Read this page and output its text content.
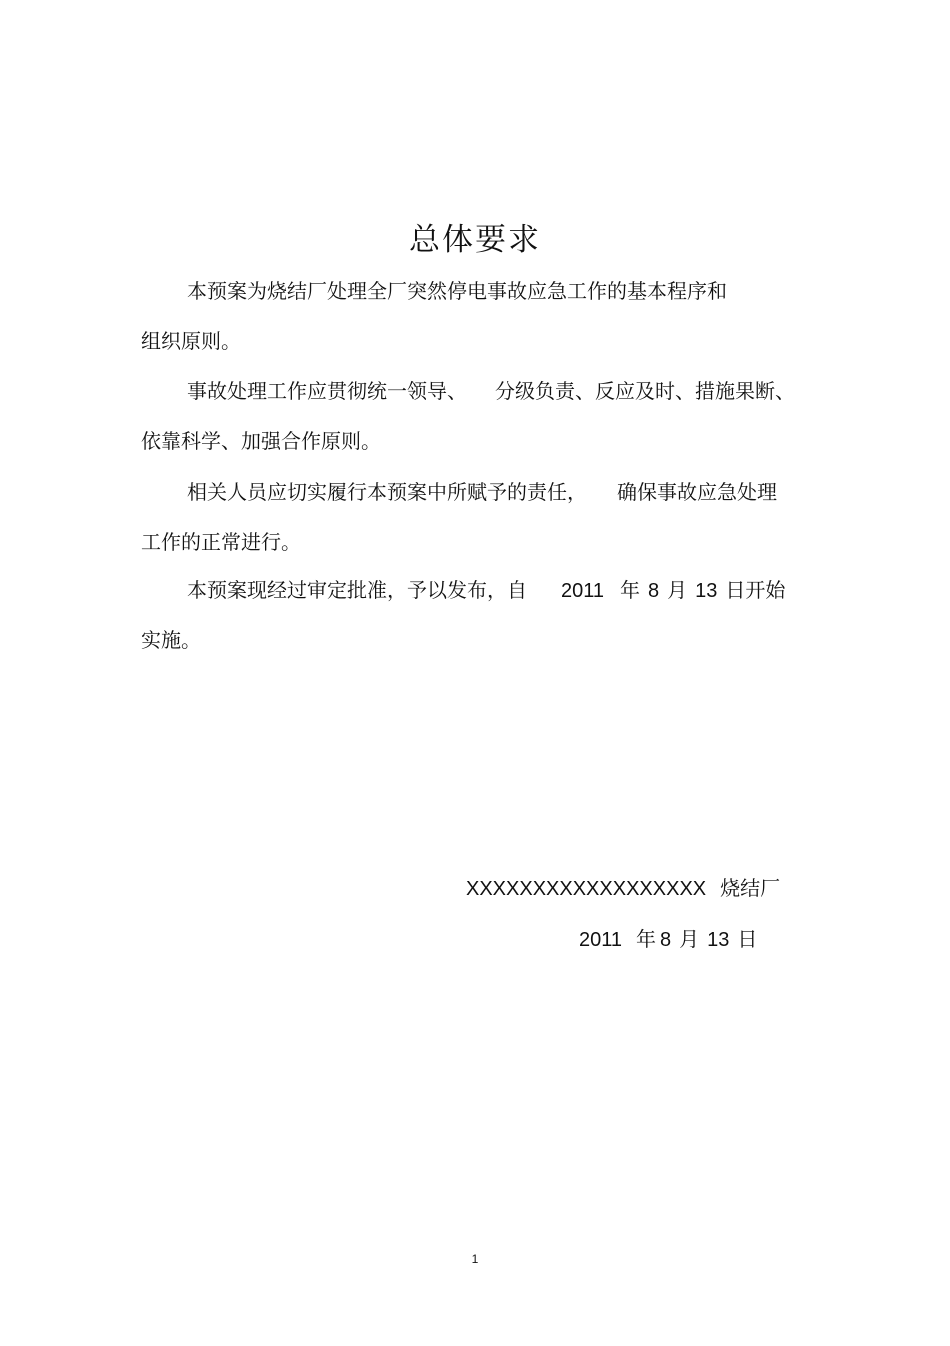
总体要求
本预案为烧结厂处理全厂突然停电事故应急工作的基本程序和
组织原则。
事故处理工作应贯彻统一领导、 分级负责、反应及时、措施果断、
依靠科学、加强合作原则。
相关人员应切实履行本预案中所赋予的责任， 确保事故应急处理
工作的正常进行。
本预案现经过审定批准，予以发布，自 2011 年 8 月 13 日开始
实施。
XXXXXXXXXXXXXXXXXX 烧结厂
2011 年 8 月 13 日
1
